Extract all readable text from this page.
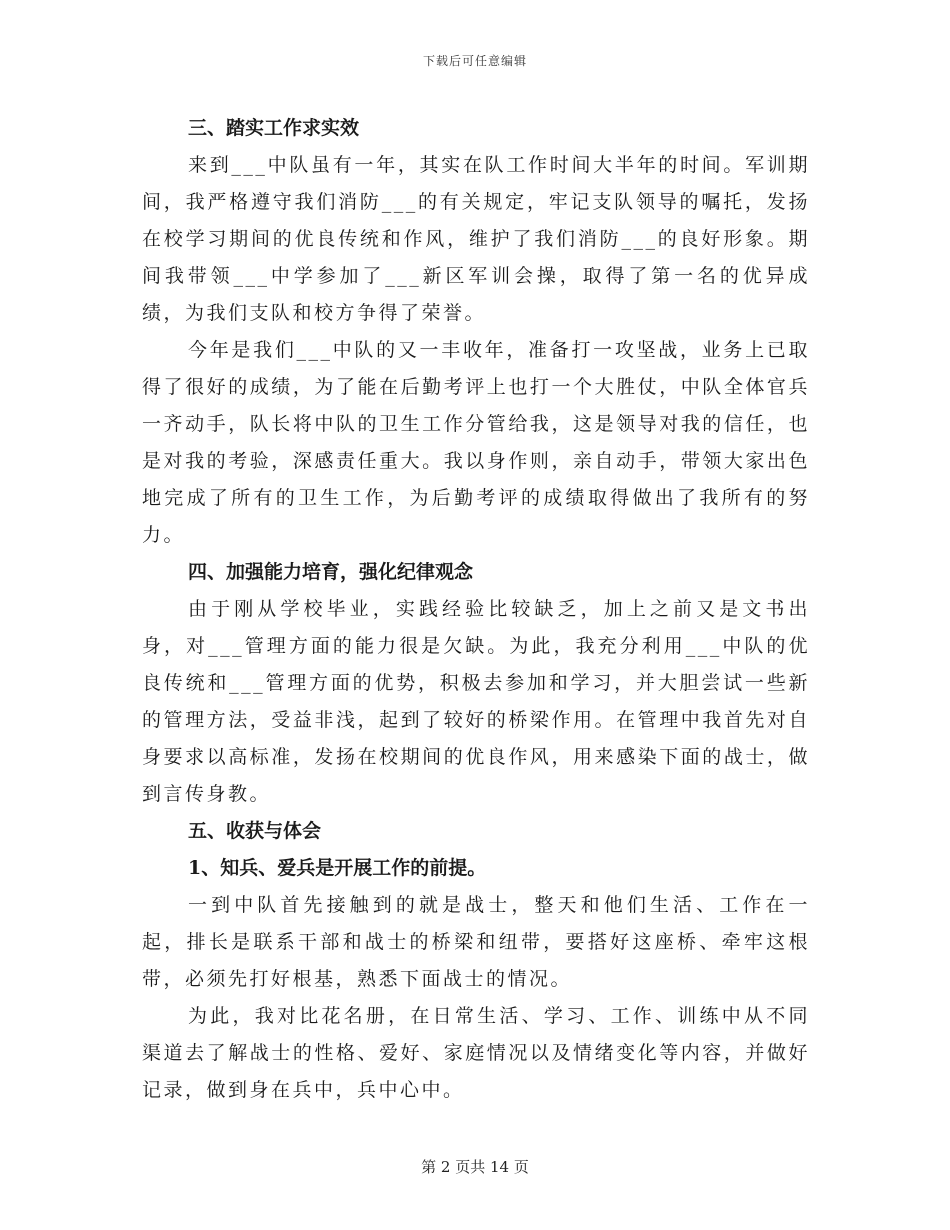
下载后可任意编辑
三、踏实工作求实效

来到___中队虽有一年，其实在队工作时间大半年的时间。军训期间，我严格遵守我们消防___的有关规定，牢记支队领导的嘱托，发扬在校学习期间的优良传统和作风，维护了我们消防___的良好形象。期间我带领___中学参加了___新区军训会操，取得了第一名的优异成绩，为我们支队和校方争得了荣誉。

今年是我们___中队的又一丰收年，准备打一攻坚战，业务上已取得了很好的成绩，为了能在后勤考评上也打一个大胜仗，中队全体官兵一齐动手，队长将中队的卫生工作分管给我，这是领导对我的信任，也是对我的考验，深感责任重大。我以身作则，亲自动手，带领大家出色地完成了所有的卫生工作，为后勤考评的成绩取得做出了我所有的努力。

四、加强能力培育，强化纪律观念

由于刚从学校毕业，实践经验比较缺乏，加上之前又是文书出身，对___管理方面的能力很是欠缺。为此，我充分利用___中队的优良传统和___管理方面的优势，积极去参加和学习，并大胆尝试一些新的管理方法，受益非浅，起到了较好的桥梁作用。在管理中我首先对自身要求以高标准，发扬在校期间的优良作风，用来感染下面的战士，做到言传身教。

五、收获与体会
1、知兵、爱兵是开展工作的前提。

一到中队首先接触到的就是战士，整天和他们生活、工作在一起，排长是联系干部和战士的桥梁和纽带，要搭好这座桥、牵牢这根带，必须先打好根基，熟悉下面战士的情况。

为此，我对比花名册，在日常生活、学习、工作、训练中从不同渠道去了解战士的性格、爱好、家庭情况以及情绪变化等内容，并做好记录，做到身在兵中，兵中心中。

第 2 页共 14 页
